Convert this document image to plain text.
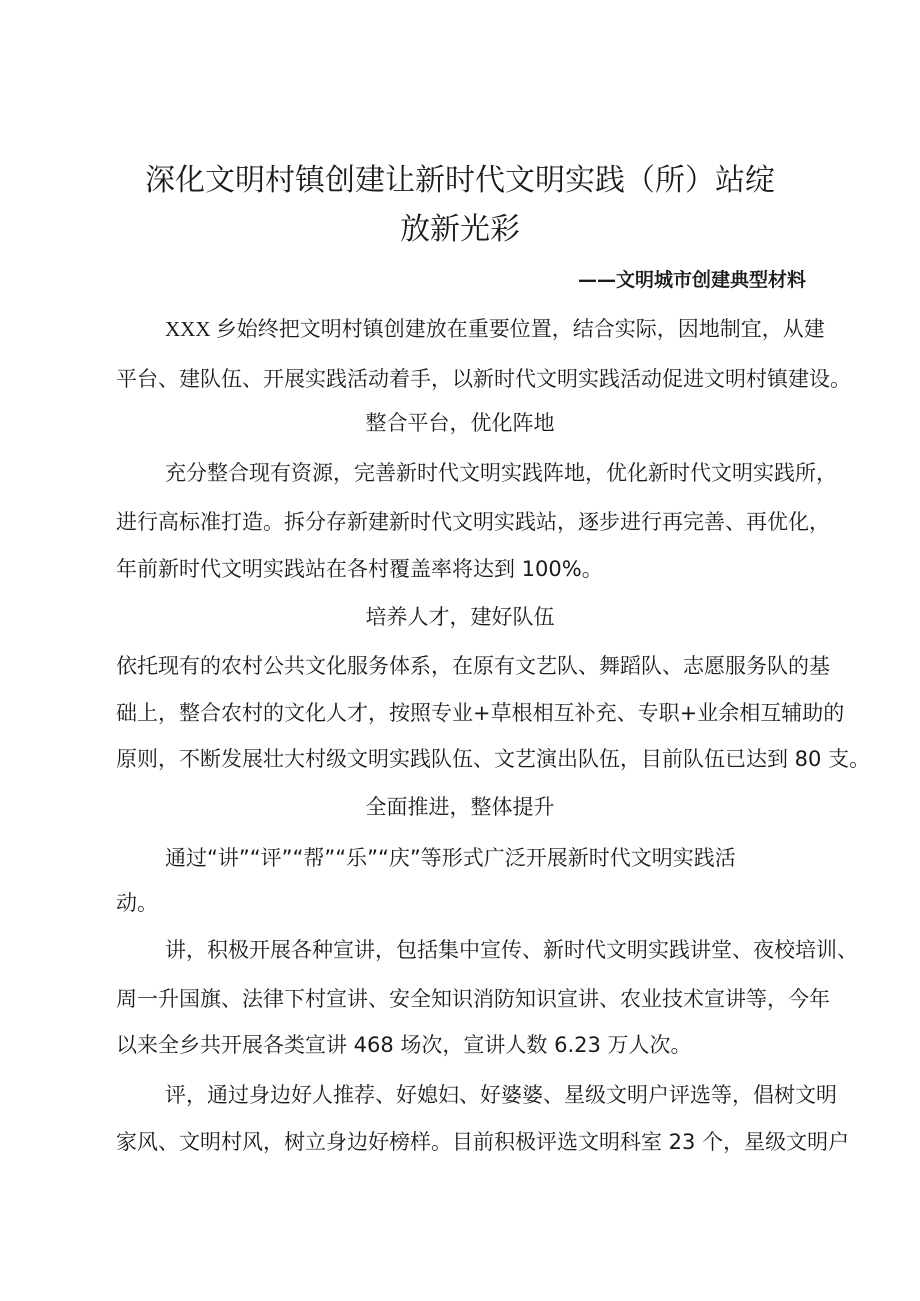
深化文明村镇创建让新时代文明实践（所）站绽
放新光彩
——文明城市创建典型材料
XXX 乡始终把文明村镇创建放在重要位置，结合实际，因地制宜，从建
平台、建队伍、开展实践活动着手，以新时代文明实践活动促进文明村镇建设。
整合平台，优化阵地
充分整合现有资源，完善新时代文明实践阵地，优化新时代文明实践所，
进行高标准打造。拆分存新建新时代文明实践站，逐步进行再完善、再优化，
年前新时代文明实践站在各村覆盖率将达到 100%。
培养人才，建好队伍
依托现有的农村公共文化服务体系，在原有文艺队、舞蹈队、志愿服务队的基
础上，整合农村的文化人才，按照专业+草根相互补充、专职+业余相互辅助的
原则，不断发展壮大村级文明实践队伍、文艺演出队伍，目前队伍已达到 80 支。
全面推进，整体提升
通过“讲”“评”“帮”“乐”“庆”等形式广泛开展新时代文明实践活
动。
讲，积极开展各种宣讲，包括集中宣传、新时代文明实践讲堂、夜校培训、
周一升国旗、法律下村宣讲、安全知识消防知识宣讲、农业技术宣讲等，今年
以来全乡共开展各类宣讲 468 场次，宣讲人数 6.23 万人次。
评，通过身边好人推荐、好媳妇、好婆婆、星级文明户评选等，倡树文明
家风、文明村风，树立身边好榜样。目前积极评选文明科室 23 个，星级文明户
